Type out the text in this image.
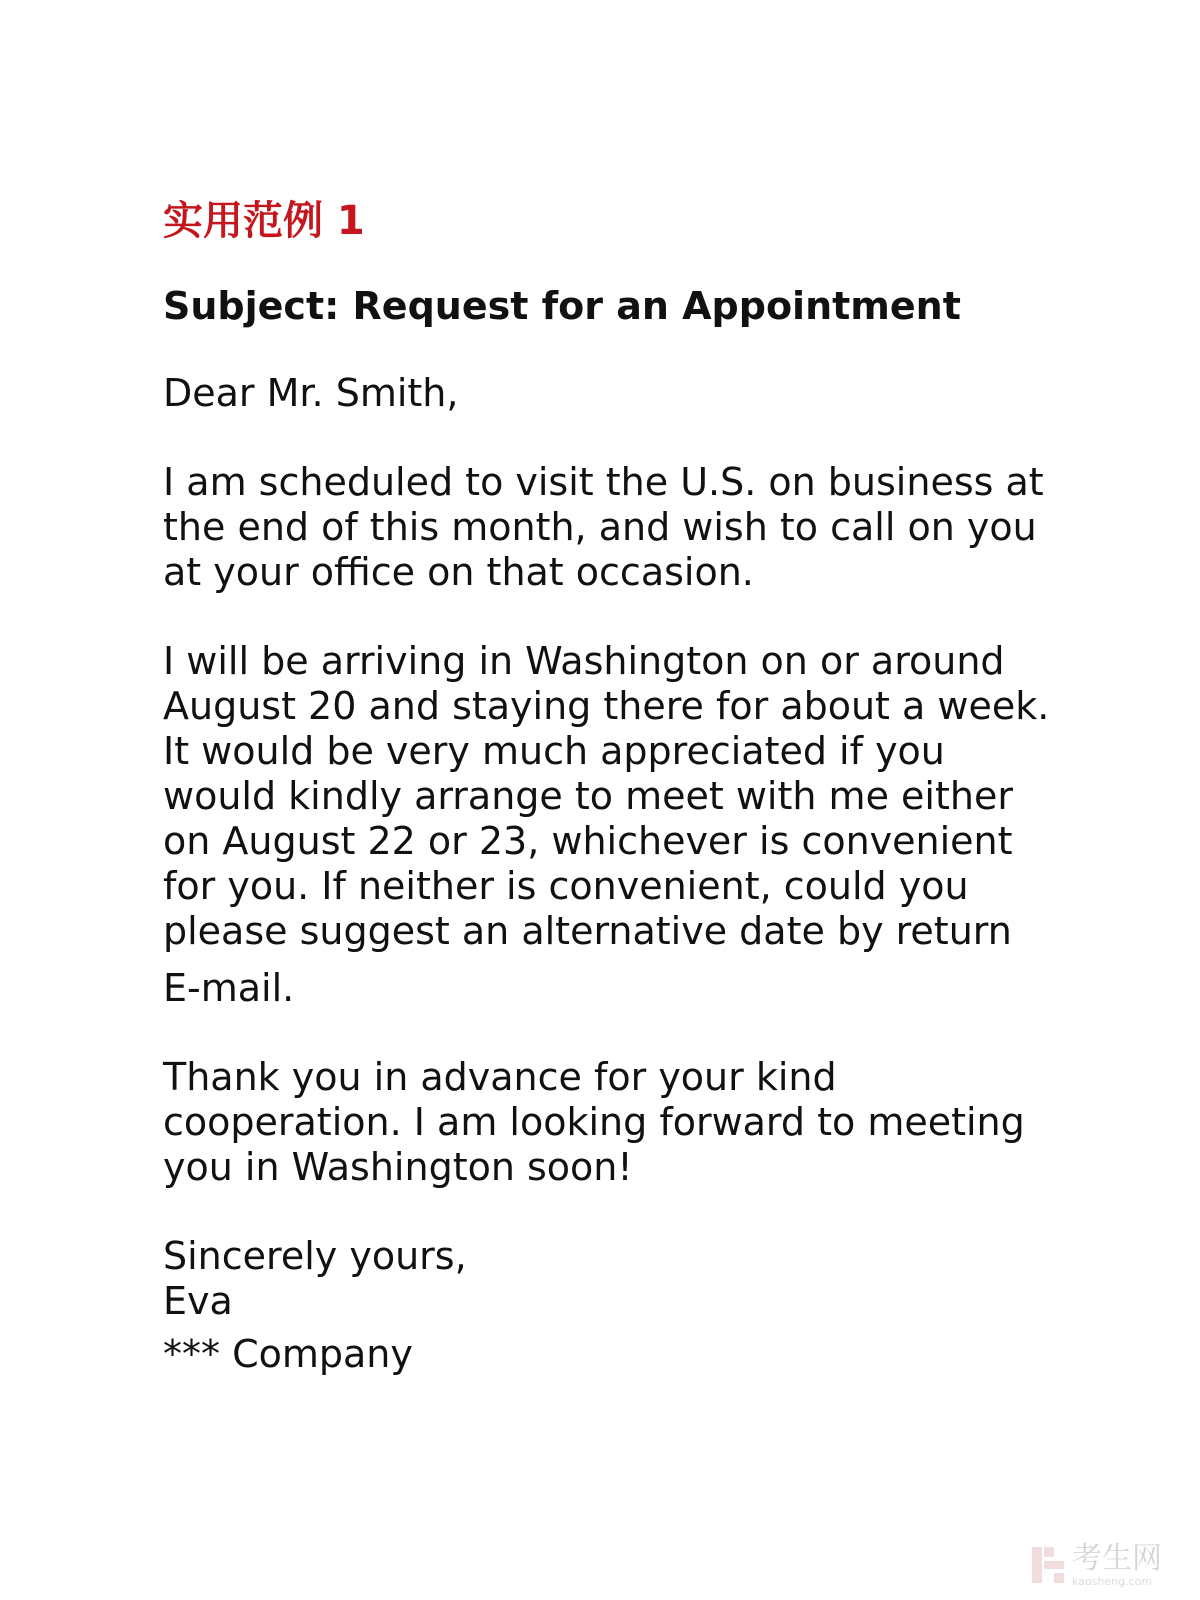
实用范例 1
Subject: Request for an Appointment
Dear Mr. Smith,
I am scheduled to visit the U.S. on business at
the end of this month, and wish to call on you
at your office on that occasion.
I will be arriving in Washington on or around
August 20 and staying there for about a week.
It would be very much appreciated if you
would kindly arrange to meet with me either
on August 22 or 23, whichever is convenient
for you. If neither is convenient, could you
please suggest an alternative date by return
E-mail.
Thank you in advance for your kind
cooperation. I am looking forward to meeting
you in Washington soon!
Sincerely yours,
Eva
*** Company
考生网
kaosheng.com
